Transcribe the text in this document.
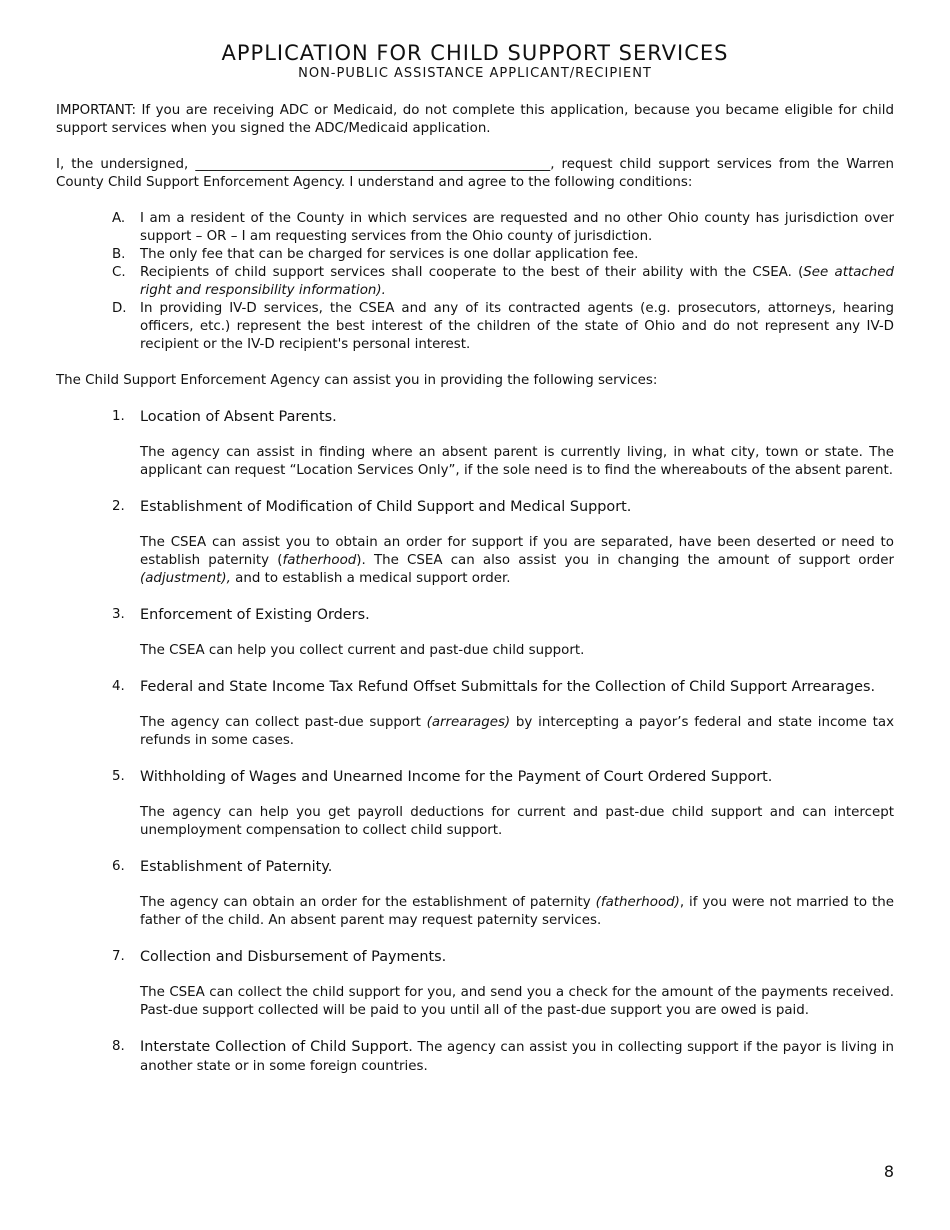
APPLICATION FOR CHILD SUPPORT SERVICES
NON-PUBLIC ASSISTANCE APPLICANT/RECIPIENT

IMPORTANT: If you are receiving ADC or Medicaid, do not complete this application, because you became eligible for child support services when you signed the ADC/Medicaid application.

I, the undersigned, _____________________________________________________, request child support services from the Warren County Child Support Enforcement Agency. I understand and agree to the following conditions:

A.	I am a resident of the County in which services are requested and no other Ohio county has jurisdiction over support – OR – I am requesting services from the Ohio county of jurisdiction.
B.	The only fee that can be charged for services is one dollar application fee.
C.	Recipients of child support services shall cooperate to the best of their ability with the CSEA. (See attached right and responsibility information).
D.	In providing IV-D services, the CSEA and any of its contracted agents (e.g. prosecutors, attorneys, hearing officers, etc.) represent the best interest of the children of the state of Ohio and do not represent any IV-D recipient or the IV-D recipient's personal interest.

The Child Support Enforcement Agency can assist you in providing the following services:

1.	Location of Absent Parents.
The agency can assist in finding where an absent parent is currently living, in what city, town or state. The applicant can request “Location Services Only”, if the sole need is to find the whereabouts of the absent parent.
2.	Establishment of Modification of Child Support and Medical Support.
The CSEA can assist you to obtain an order for support if you are separated, have been deserted or need to establish paternity (fatherhood). The CSEA can also assist you in changing the amount of support order (adjustment), and to establish a medical support order.
3.	Enforcement of Existing Orders.
The CSEA can help you collect current and past-due child support.
4.	Federal and State Income Tax Refund Offset Submittals for the Collection of Child Support Arrearages.
The agency can collect past-due support (arrearages) by intercepting a payor’s federal and state income tax refunds in some cases.
5.	Withholding of Wages and Unearned Income for the Payment of Court Ordered Support.
The agency can help you get payroll deductions for current and past-due child support and can intercept unemployment compensation to collect child support.
6.	Establishment of Paternity.
The agency can obtain an order for the establishment of paternity (fatherhood), if you were not married to the father of the child. An absent parent may request paternity services.
7.	Collection and Disbursement of Payments.
The CSEA can collect the child support for you, and send you a check for the amount of the payments received. Past-due support collected will be paid to you until all of the past-due support you are owed is paid.
8.	Interstate Collection of Child Support. The agency can assist you in collecting support if the payor is living in another state or in some foreign countries.
8
